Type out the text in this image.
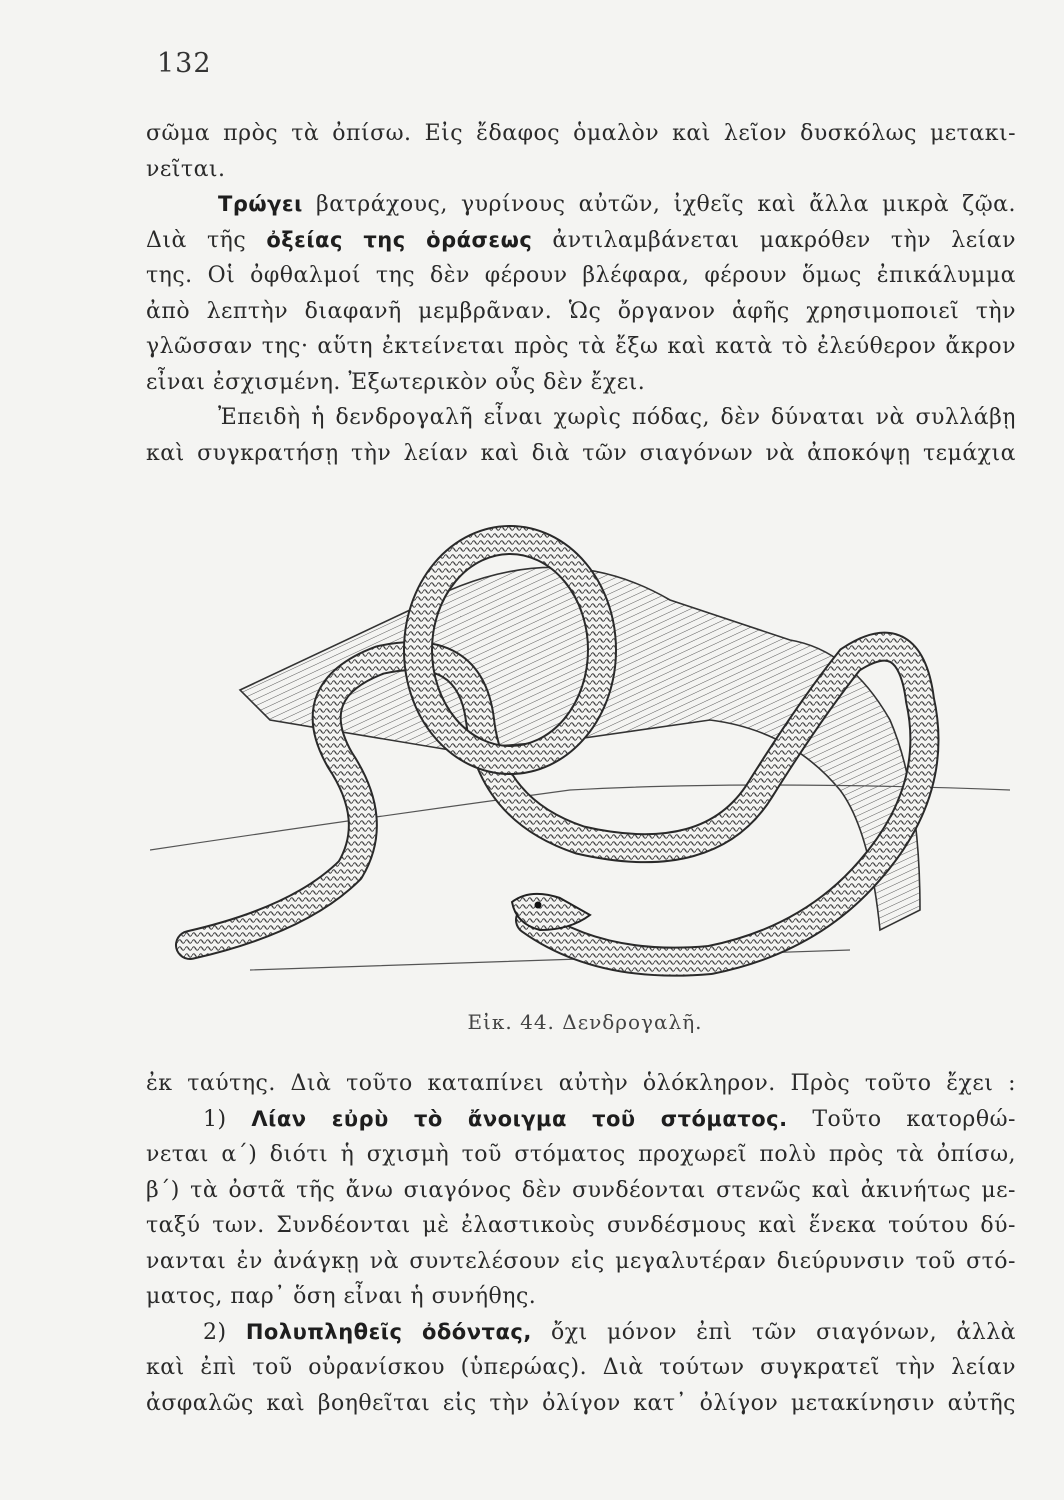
132
σῶμα πρὸς τὰ ὀπίσω. Εἰς ἔδαφος ὁμαλὸν καὶ λεῖον δυσκόλως μετακι-
νεῖται.
Τρώγει βατράχους, γυρίνους αὐτῶν, ἰχθεῖς καὶ ἄλλα μικρὰ ζῷα.
Διὰ τῆς ὀξείας της ὁράσεως ἀντιλαμβάνεται μακρόθεν τὴν λείαν
της. Οἱ ὀφθαλμοί της δὲν φέρουν βλέφαρα, φέρουν ὅμως ἐπικάλυμμα
ἀπὸ λεπτὴν διαφανῆ μεμβρᾶναν. Ὡς ὄργανον ἁφῆς χρησιμοποιεῖ τὴν
γλῶσσαν της· αὕτη ἐκτείνεται πρὸς τὰ ἔξω καὶ κατὰ τὸ ἐλεύθερον ἄκρον
εἶναι ἐσχισμένη. Ἐξωτερικὸν οὖς δὲν ἔχει.
Ἐπειδὴ ἡ δενδρογαλῆ εἶναι χωρὶς πόδας, δὲν δύναται νὰ συλλάβῃ
καὶ συγκρατήσῃ τὴν λείαν καὶ διὰ τῶν σιαγόνων νὰ ἀποκόψῃ τεμάχια
Εἰκ. 44. Δενδρογαλῆ.
ἐκ ταύτης. Διὰ τοῦτο καταπίνει αὐτὴν ὁλόκληρον. Πρὸς τοῦτο ἔχει :
1) Λίαν εὐρὺ τὸ ἄνοιγμα τοῦ στόματος. Τοῦτο κατορθώ-
νεται α΄) διότι ἡ σχισμὴ τοῦ στόματος προχωρεῖ πολὺ πρὸς τὰ ὀπίσω,
β΄) τὰ ὀστᾶ τῆς ἄνω σιαγόνος δὲν συνδέονται στενῶς καὶ ἀκινήτως με-
ταξύ των. Συνδέονται μὲ ἐλαστικοὺς συνδέσμους καὶ ἕνεκα τούτου δύ-
νανται ἐν ἀνάγκῃ νὰ συντελέσουν εἰς μεγαλυτέραν διεύρυνσιν τοῦ στό-
ματος, παρ᾽ ὅση εἶναι ἡ συνήθης.
2) Πολυπληθεῖς ὀδόντας, ὄχι μόνον ἐπὶ τῶν σιαγόνων, ἀλλὰ
καὶ ἐπὶ τοῦ οὐρανίσκου (ὑπερώας). Διὰ τούτων συγκρατεῖ τὴν λείαν
ἀσφαλῶς καὶ βοηθεῖται εἰς τὴν ὀλίγον κατ᾽ ὀλίγον μετακίνησιν αὐτῆς
